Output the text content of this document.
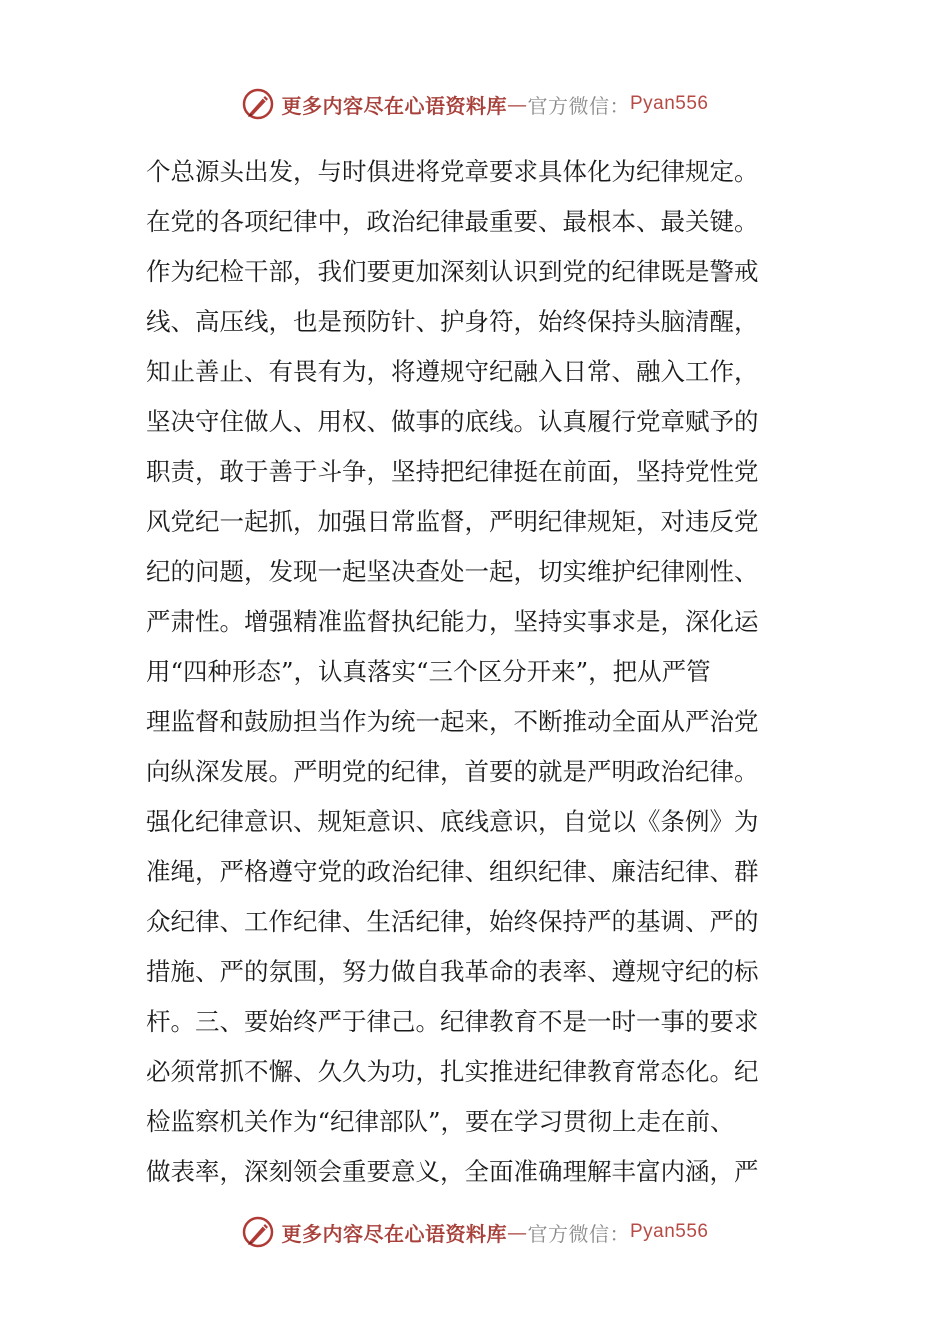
更多内容尽在心语资料库 — 官方微信： Pyan556
个总源头出发，与时俱进将党章要求具体化为纪律规定。
在党的各项纪律中，政治纪律最重要、最根本、最关键。
作为纪检干部，我们要更加深刻认识到党的纪律既是警戒
线、高压线，也是预防针、护身符，始终保持头脑清醒，
知止善止、有畏有为，将遵规守纪融入日常、融入工作，
坚决守住做人、用权、做事的底线。认真履行党章赋予的
职责，敢于善于斗争，坚持把纪律挺在前面，坚持党性党
风党纪一起抓，加强日常监督，严明纪律规矩，对违反党
纪的问题，发现一起坚决查处一起，切实维护纪律刚性、
严肃性。增强精准监督执纪能力，坚持实事求是，深化运
用“四种形态”，认真落实“三个区分开来”，把从严管
理监督和鼓励担当作为统一起来，不断推动全面从严治党
向纵深发展。严明党的纪律，首要的就是严明政治纪律。
强化纪律意识、规矩意识、底线意识，自觉以《条例》为
准绳，严格遵守党的政治纪律、组织纪律、廉洁纪律、群
众纪律、工作纪律、生活纪律，始终保持严的基调、严的
措施、严的氛围，努力做自我革命的表率、遵规守纪的标
杆。三、要始终严于律己。纪律教育不是一时一事的要求
必须常抓不懈、久久为功，扎实推进纪律教育常态化。纪
检监察机关作为“纪律部队”，要在学习贯彻上走在前、
做表率，深刻领会重要意义，全面准确理解丰富内涵，严
更多内容尽在心语资料库 — 官方微信： Pyan556
